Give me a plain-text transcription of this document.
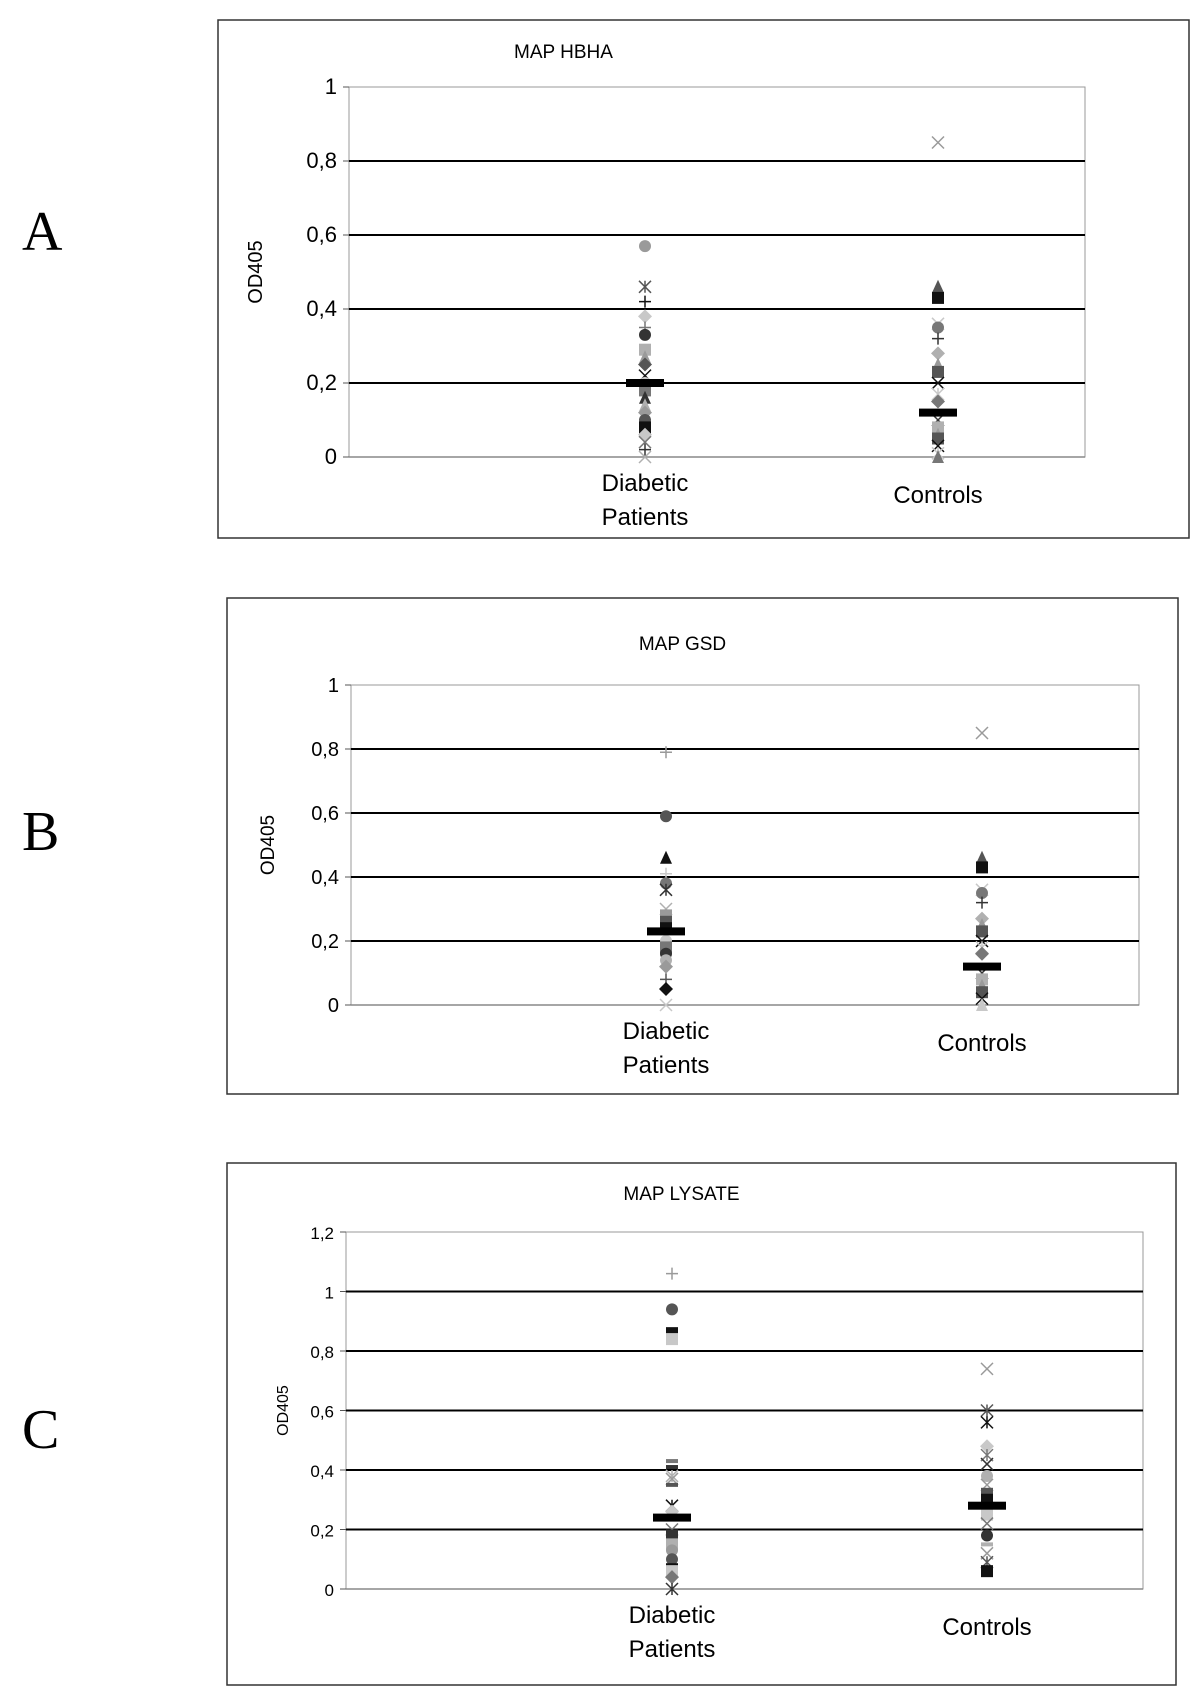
A
B
C
MAP HBHA
0
0,2
0,4
0,6
0,8
1
OD405
Diabetic
Patients
Controls
MAP GSD
0
0,2
0,4
0,6
0,8
1
OD405
Diabetic
Patients
Controls
MAP LYSATE
0
0,2
0,4
0,6
0,8
1
1,2
OD405
Diabetic
Patients
Controls
